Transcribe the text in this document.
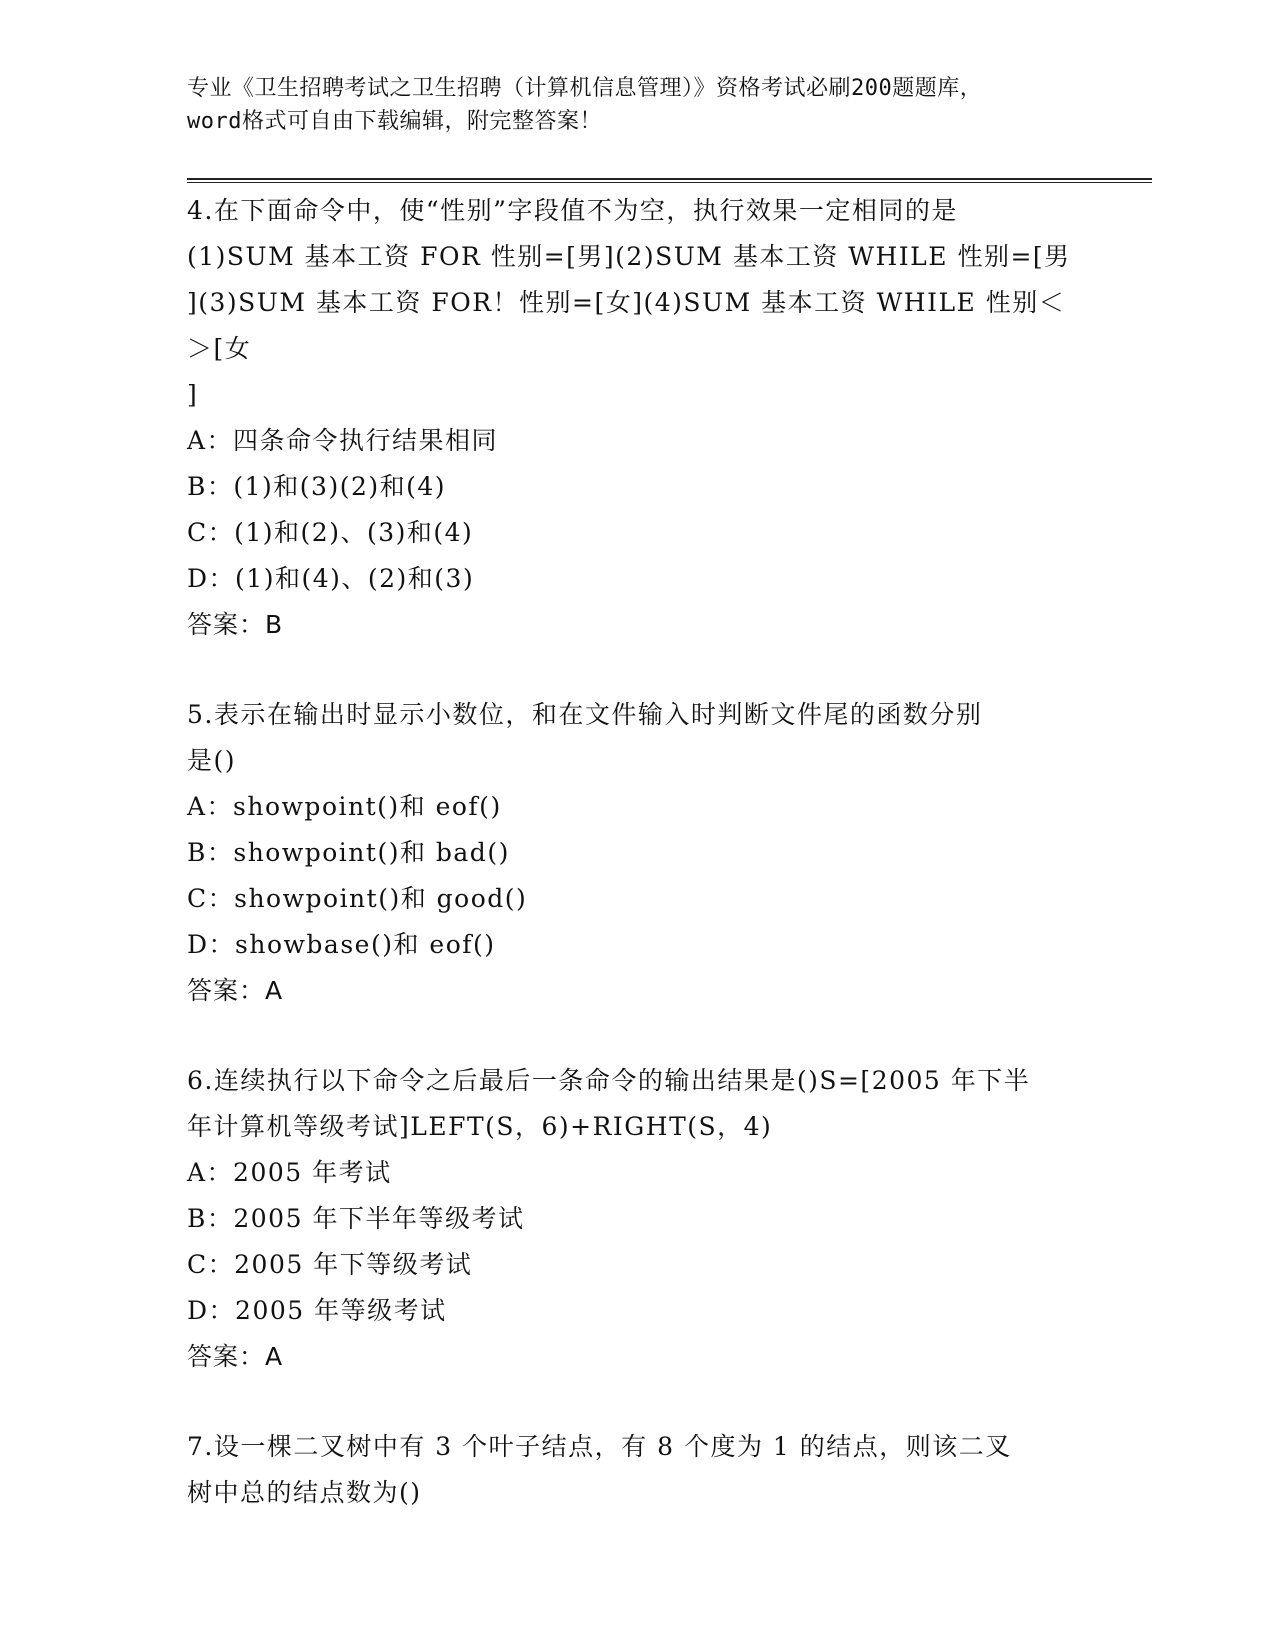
专业《卫生招聘考试之卫生招聘（计算机信息管理）》资格考试必刷200题题库，
word格式可自由下载编辑，附完整答案！
4.在下面命令中，使“性别”字段值不为空，执行效果一定相同的是
(1)SUM 基本工资 FOR 性别=[男](2)SUM 基本工资 WHILE 性别=[男
](3)SUM 基本工资 FOR！性别=[女](4)SUM 基本工资 WHILE 性别＜＞[女
]
A：四条命令执行结果相同
B：(1)和(3)(2)和(4)
C：(1)和(2)、(3)和(4)
D：(1)和(4)、(2)和(3)
答案：B
5.表示在输出时显示小数位，和在文件输入时判断文件尾的函数分别
是()
A：showpoint()和 eof()
B：showpoint()和 bad()
C：showpoint()和 good()
D：showbase()和 eof()
答案：A
6.连续执行以下命令之后最后一条命令的输出结果是()S=[2005 年下半
年计算机等级考试]LEFT(S，6)+RIGHT(S，4)
A：2005 年考试
B：2005 年下半年等级考试
C：2005 年下等级考试
D：2005 年等级考试
答案：A
7.设一棵二叉树中有 3 个叶子结点，有 8 个度为 1 的结点，则该二叉
树中总的结点数为()
